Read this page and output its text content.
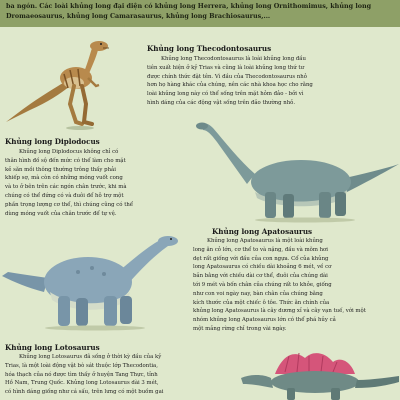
ba ngón. Các loài khủng long đại diện có khủng long Herrera, khủng long Ornithomimus, khủng long
Dromaeosaurus, khủng long Camarasaurus, khủng long Brachiosaurus,...
Khủng long Thecodontosaurus
Khủng long Thecodontosaurus là loài khủng long đầu
tiên xuất hiện ở kỷ Trias và cũng là loài khủng long thứ tư
được chính thức đặt tên. Vì đầu của Thecodontosaurus nhỏ
hơn họ hàng khác của chúng, nên các nhà khoa học cho rằng
loài khủng long này có thể sống trên mặt hỏm đảo - bởi vì
hình dáng của các động vật sống trên đảo thường nhỏ.
Khủng long Diplodocus
Khủng long Diplodocus không chỉ có
thân hình đồ sộ đến mức có thể làm cho mặt
kẻ săn mồi thông thường trông thấy phải
khiếp sợ, mà còn có những móng vuốt cong
và to ở bên trên các ngón chân trước, khi mà
chúng có thể đứng có và đuôi để hỗ trợ một
phần trọng lượng cơ thể, thì chúng cũng có thể
dùng móng vuốt của chân trước để tự vệ.
Khủng long Apatosaurus
Khủng long Apatosaurus là một loài khủng
long ăn cỏ lớn, cơ thể to và nặng, đầu và mõm hơi
dẹt rất giống với đầu của con ngựa. Cổ của khủng
long Apatosaurus có chiều dài khoảng 6 mét, về cơ
bản bằng với chiều dài cơ thể, đuôi của chúng dài
tới 9 mét và bốn chân của chúng rất to khỏe, giống
như con voi ngày nay, bàn chân của chúng bằng
kích thước của một chiếc ô tôe. Thức ăn chính của
khủng long Apatosaurus là cây dương xỉ và cây vạn tuế, với một
nhóm khủng long Apatosaurus lớn có thể phá hủy cả
một mảng rừng chỉ trong vài ngày.
Khủng long Lotosaurus
Khủng long Lotosaurus đã sống ở thời kỳ đầu của kỷ
Trias, là một loài động vật bò sát thuộc lớp Thecodontia,
hóa thạch của nó được tìm thấy ở huyện Tang Thực, tỉnh
Hồ Nam, Trung Quốc. Khủng long Lotosaurus dài 3 mét,
có hình dáng giống như cá sấu, trên lưng có một buồm gai
